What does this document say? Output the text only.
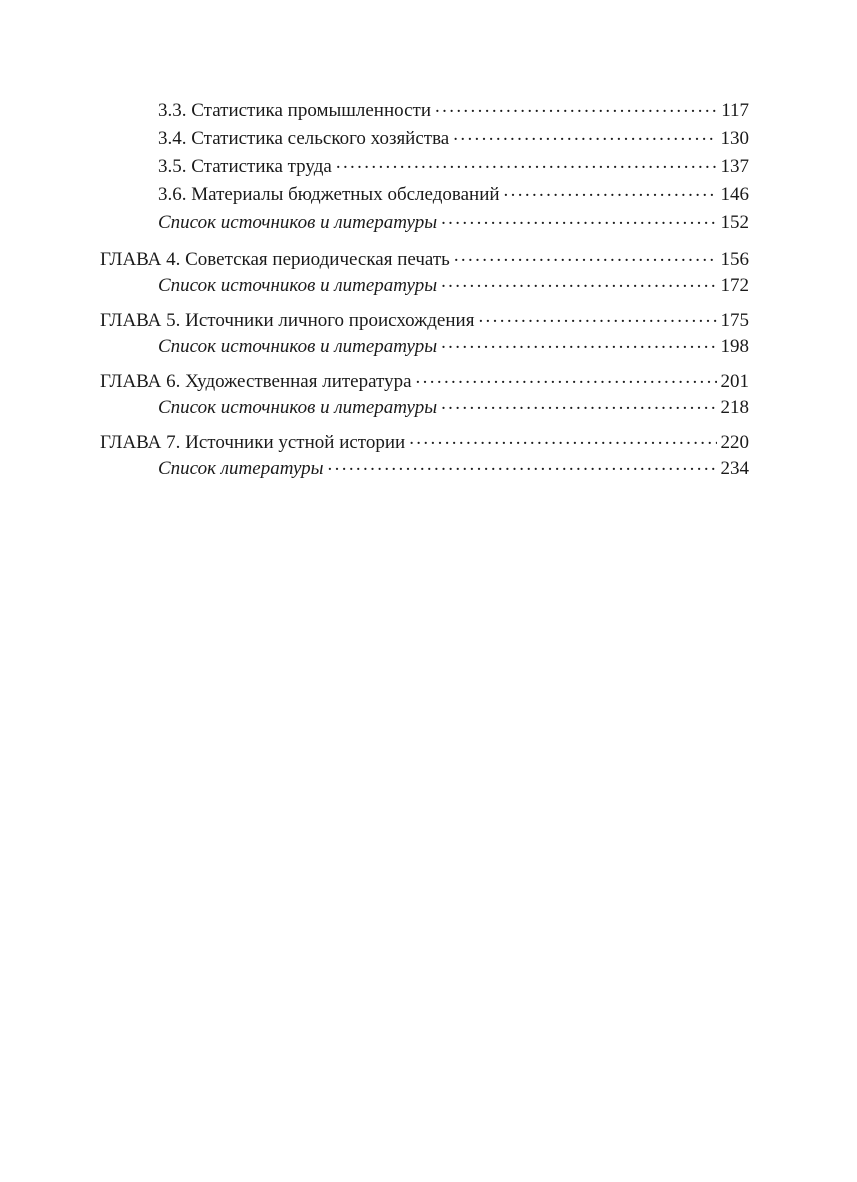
3.3. Статистика промышленности . . .	117
3.4. Статистика сельского хозяйства . . .	130
3.5. Статистика труда . . .	137
3.6. Материалы бюджетных обследований . . .	146
Список источников и литературы . . .	152
ГЛАВА 4. Советская периодическая печать . . .	156
Список источников и литературы . . .	172
ГЛАВА 5. Источники личного происхождения . . .	175
Список источников и литературы . . .	198
ГЛАВА 6. Художественная литература . . .	201
Список источников и литературы . . .	218
ГЛАВА 7. Источники устной истории . . .	220
Список литературы . . .	234
